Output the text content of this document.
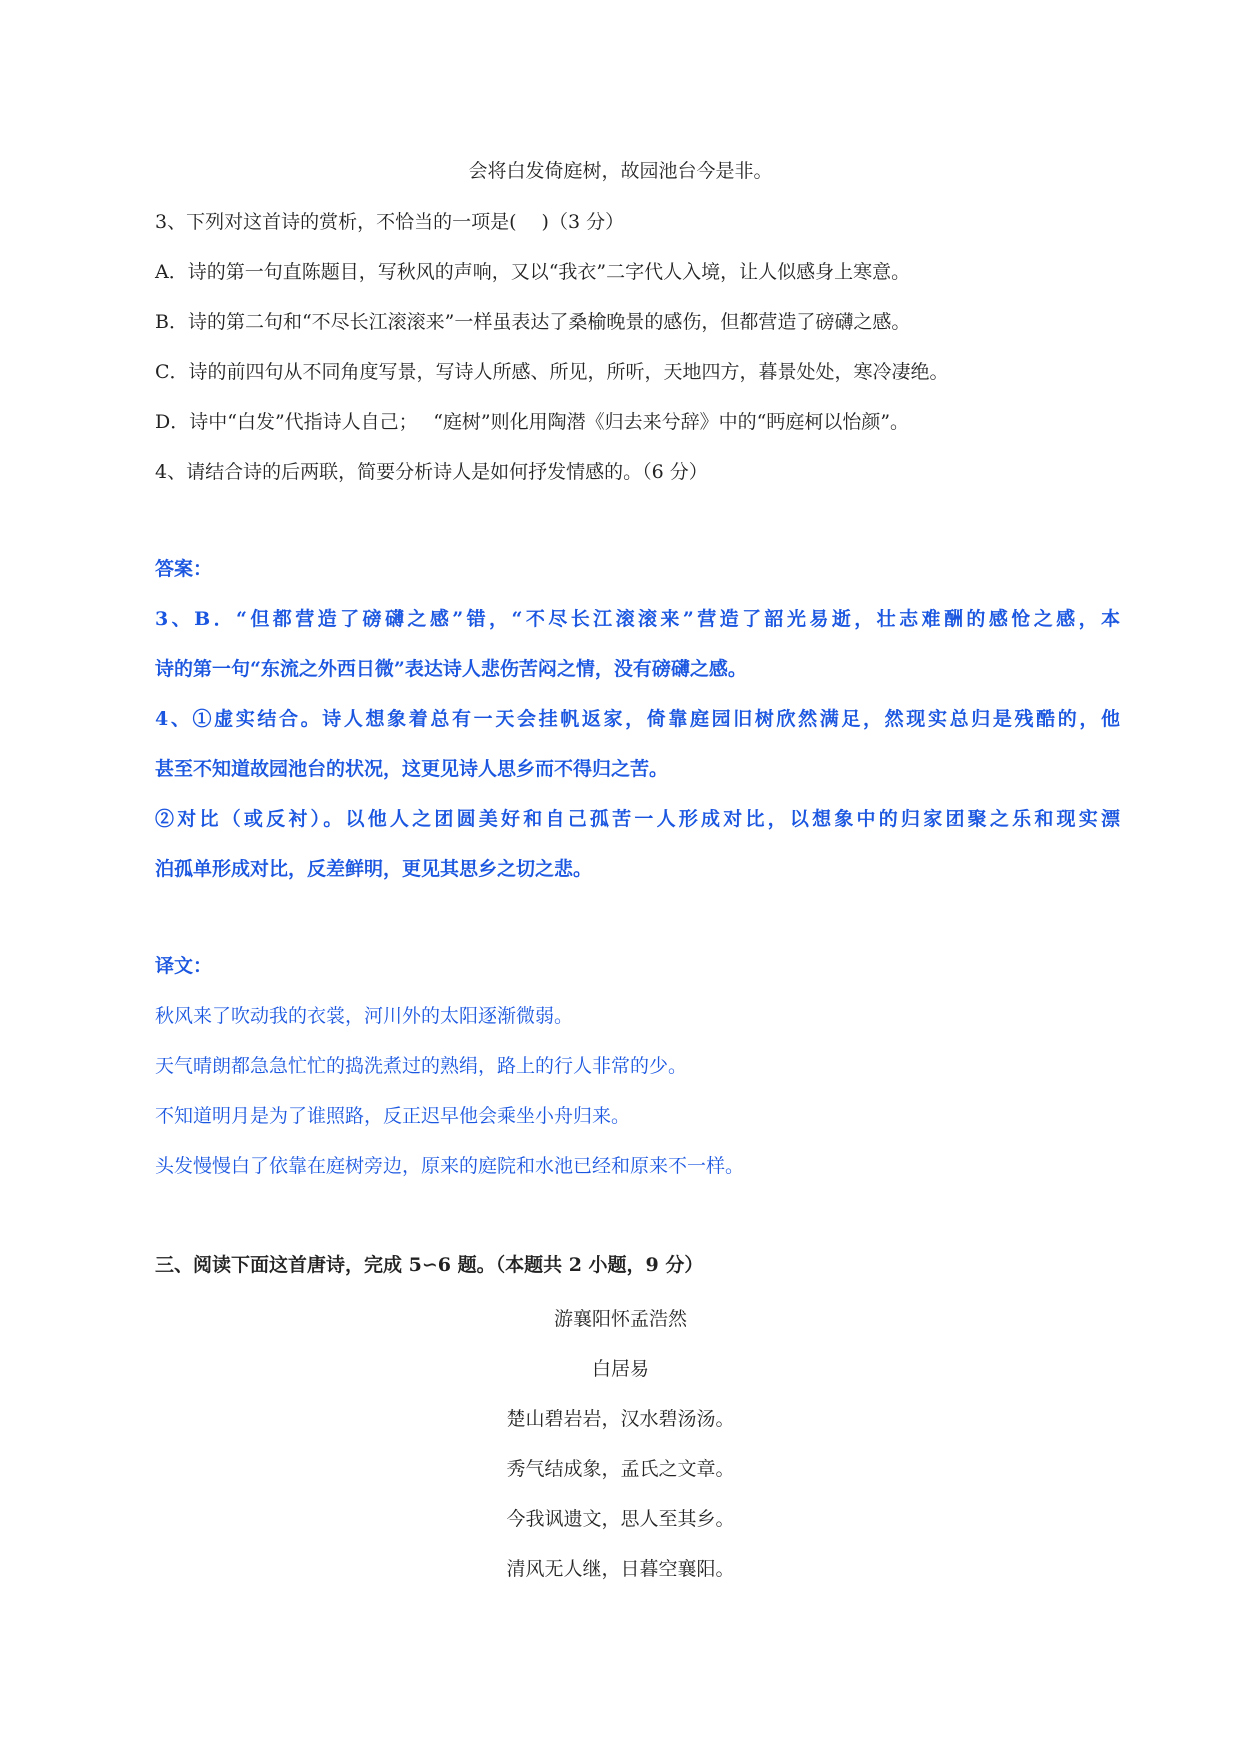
会将白发倚庭树，故园池台今是非。
3、下列对这首诗的赏析，不恰当的一项是(　 )（3 分）
A．诗的第一句直陈题目，写秋风的声响，又以“我衣”二字代人入境，让人似感身上寒意。
B．诗的第二句和“不尽长江滚滚来”一样虽表达了桑榆晚景的感伤，但都营造了磅礴之感。
C．诗的前四句从不同角度写景，写诗人所感、所见，所听，天地四方，暮景处处，寒冷凄绝。
D．诗中“白发”代指诗人自己；　 “庭树”则化用陶潜《归去来兮辞》中的“眄庭柯以怡颜”。
4、请结合诗的后两联，简要分析诗人是如何抒发情感的。（6 分）
答案：
3、B．“但都营造了磅礴之感”错，“不尽长江滚滚来”营造了韶光易逝，壮志难酬的感怆之感，本
诗的第一句“东流之外西日微”表达诗人悲伤苦闷之情，没有磅礴之感。
4、①虚实结合。诗人想象着总有一天会挂帆返家，倚靠庭园旧树欣然满足，然现实总归是残酷的，他
甚至不知道故园池台的状况，这更见诗人思乡而不得归之苦。
②对比（或反衬）。以他人之团圆美好和自己孤苦一人形成对比，以想象中的归家团聚之乐和现实漂
泊孤单形成对比，反差鲜明，更见其思乡之切之悲。
译文：
秋风来了吹动我的衣裳，河川外的太阳逐渐微弱。
天气晴朗都急急忙忙的捣洗煮过的熟绢，路上的行人非常的少。
不知道明月是为了谁照路，反正迟早他会乘坐小舟归来。
头发慢慢白了依靠在庭树旁边，原来的庭院和水池已经和原来不一样。
三、阅读下面这首唐诗，完成 5∽6 题。（本题共 2 小题，9 分）
游襄阳怀孟浩然
白居易
楚山碧岩岩，汉水碧汤汤。
秀气结成象，孟氏之文章。
今我讽遗文，思人至其乡。
清风无人继，日暮空襄阳。
